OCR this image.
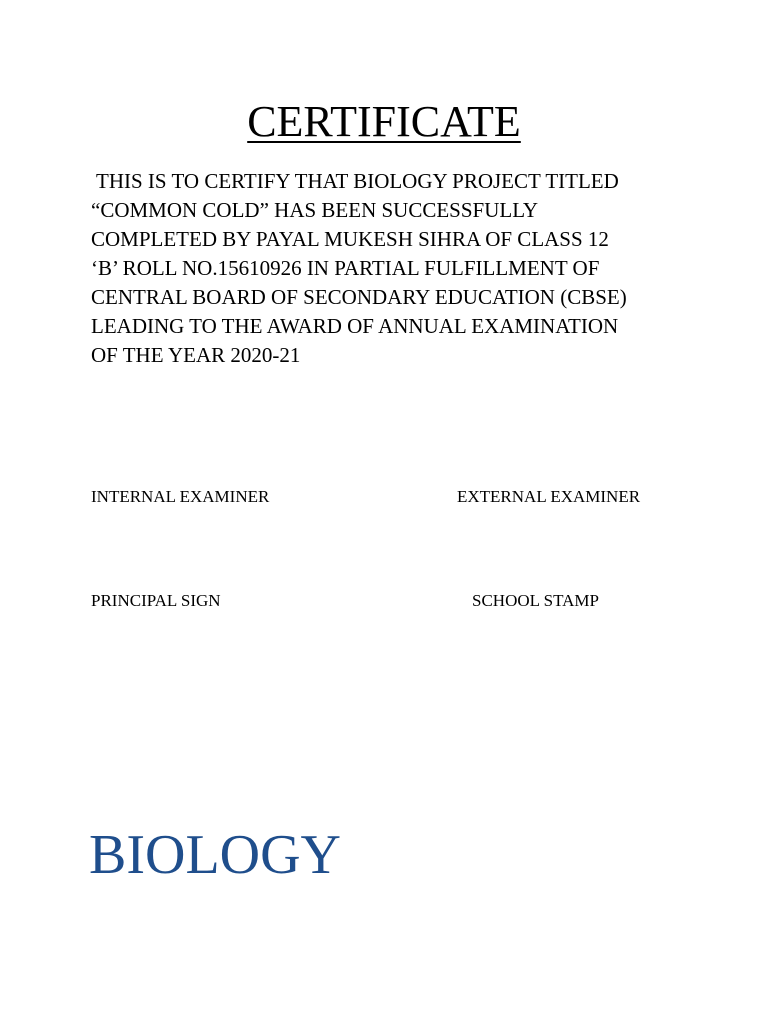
CERTIFICATE

THIS IS TO CERTIFY THAT BIOLOGY PROJECT TITLED
“COMMON COLD” HAS BEEN SUCCESSFULLY
COMPLETED BY PAYAL MUKESH SIHRA OF CLASS 12
‘B’ ROLL NO.15610926 IN PARTIAL FULFILLMENT OF
CENTRAL BOARD OF SECONDARY EDUCATION (CBSE)
LEADING TO THE AWARD OF ANNUAL EXAMINATION
OF THE YEAR 2020-21

INTERNAL EXAMINER	EXTERNAL EXAMINER
PRINCIPAL SIGN	SCHOOL STAMP
BIOLOGY
